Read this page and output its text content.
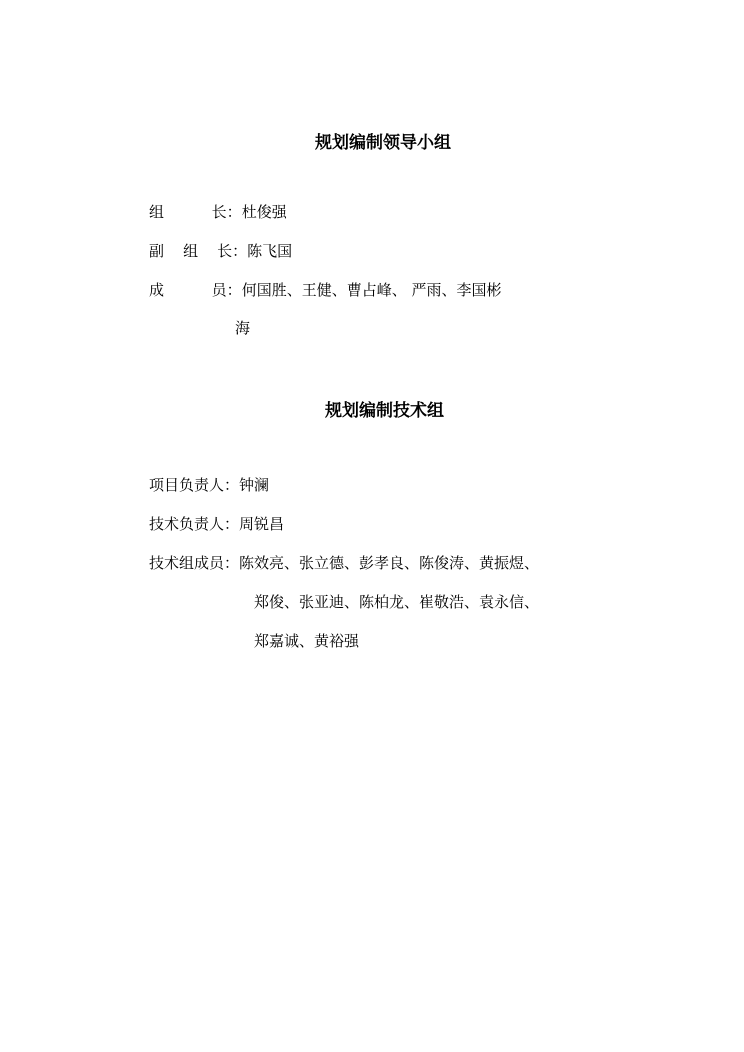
规划编制领导小组
组          长：杜俊强
副    组    长：陈飞国
成          员：何国胜、王健、曹占峰、 严雨、李国彬
海
规划编制技术组
项目负责人：钟澜
技术负责人：周锐昌
技术组成员：陈效亮、张立德、彭孝良、陈俊涛、黄振煜、
郑俊、张亚迪、陈柏龙、崔敬浩、袁永信、
郑嘉诚、黄裕强
